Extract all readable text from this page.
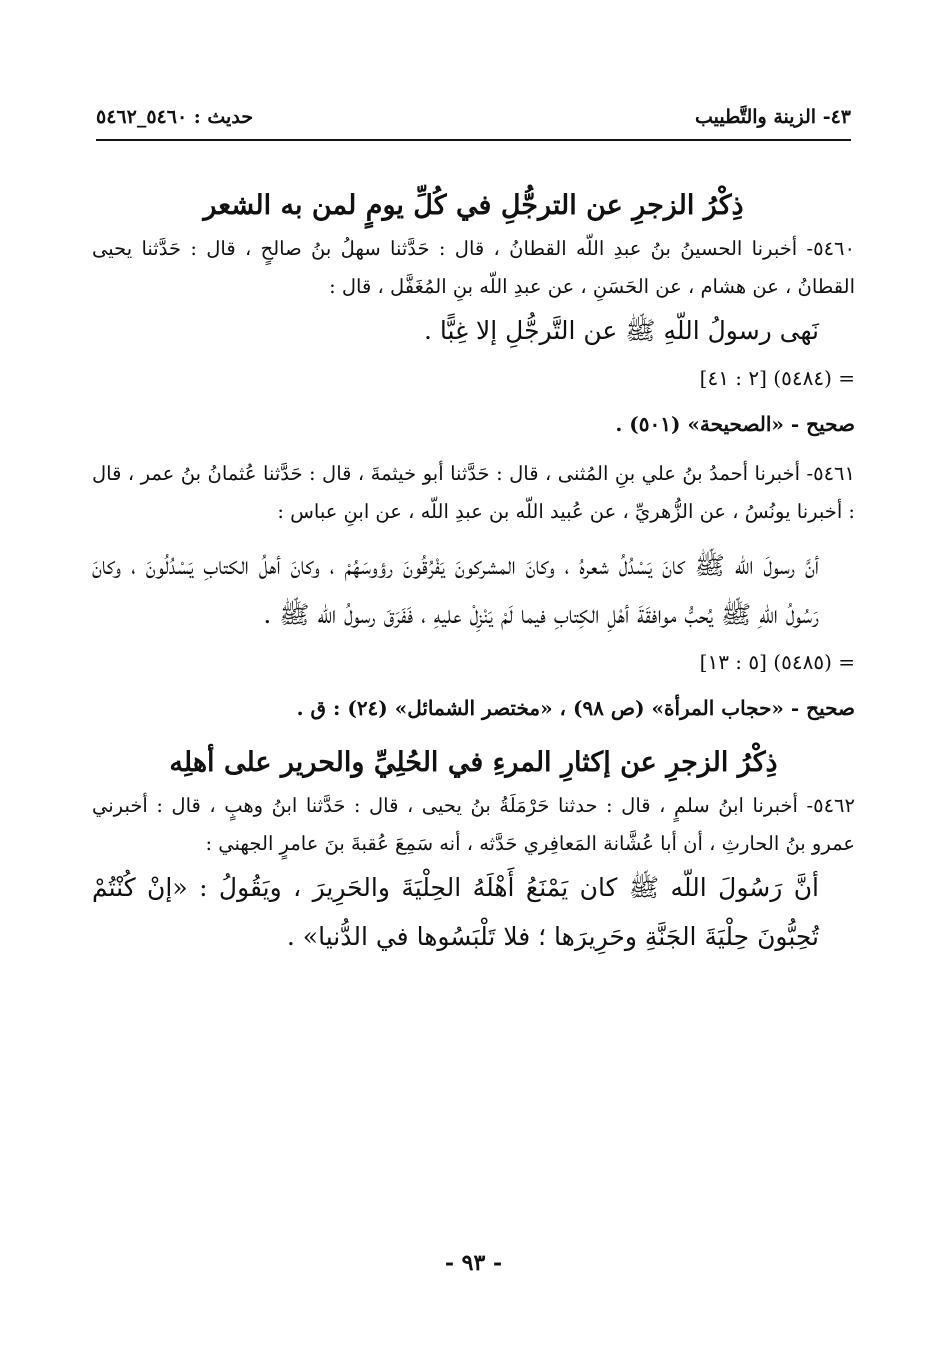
٤٣- الزينة والتَّطييب
حديث : ٥٤٦٠_٥٤٦٢
ذِكْرُ الزجرِ عن الترجُّلِ في كُلِّ يومٍ لمن به الشعر

٥٤٦٠- أخبرنا الحسينُ بنُ عبدِ اللّه القطانُ ، قال : حَدَّثنا سهلُ بنُ صالحٍ ، قال : حَدَّثنا يحيى القطانُ ، عن هشام ، عن الحَسَنِ ، عن عبدِ اللّه بنِ المُغَفَّل ، قال :

نَهى رسولُ اللّهِ ﷺ عن التَّرجُّلِ إلا غِبًّا .

= (٥٤٨٤) [٢ : ٤١]

صحيح - «الصحيحة» (٥٠١) .

٥٤٦١- أخبرنا أحمدُ بنُ علي بنِ المُثنى ، قال : حَدَّثنا أبو خيثمةَ ، قال : حَدَّثنا عُثمانُ بنُ عمر ، قال : أخبرنا يونُسُ ، عن الزُّهريِّ ، عن عُبيد اللّه بن عبدِ اللّه ، عن ابنِ عباس :

أنَّ رسولَ اللّه ﷺ كانَ يَسْدُلُ شعرهُ ، وكانَ المشركونَ يَفْرُقُونَ رؤوسَهُمْ ، وكانَ أهلُ الكتابِ يَسْدُلُونَ ، وكانَ رَسُولُ اللّهِ ﷺ يُحبُّ موافقَةَ أهْلِ الكِتابِ فيما لَمْ يَنْزِلْ عليهِ ، فَفَرَقَ رسولُ اللّه ﷺ .

= (٥٤٨٥) [٥ : ١٣]

صحيح - «حجاب المرأة» (ص ٩٨) ، «مختصر الشمائل» (٢٤) : ق .

ذِكْرُ الزجرِ عن إكثارِ المرءِ في الحُلِيِّ والحرير على أهلِه

٥٤٦٢- أخبرنا ابنُ سلمٍ ، قال : حدثنا حَرْمَلَةُ بنُ يحيى ، قال : حَدَّثنا ابنُ وهبٍ ، قال : أخبرني عمرو بنُ الحارثِ ، أن أبا عُشَّانة المَعافِري حَدَّثه ، أنه سَمِعَ عُقبةَ بنَ عامرٍ الجهني :

أنَّ رَسُولَ اللّه ﷺ كان يَمْنَعُ أَهْلَهُ الحِلْيَةَ والحَرِيرَ ، ويَقُولُ : «إنْ كُنْتُمْ تُحِبُّونَ حِلْيَةَ الجَنَّةِ وحَرِيرَها ؛ فلا تَلْبَسُوها في الدُّنيا» .

- ٩٣ -
